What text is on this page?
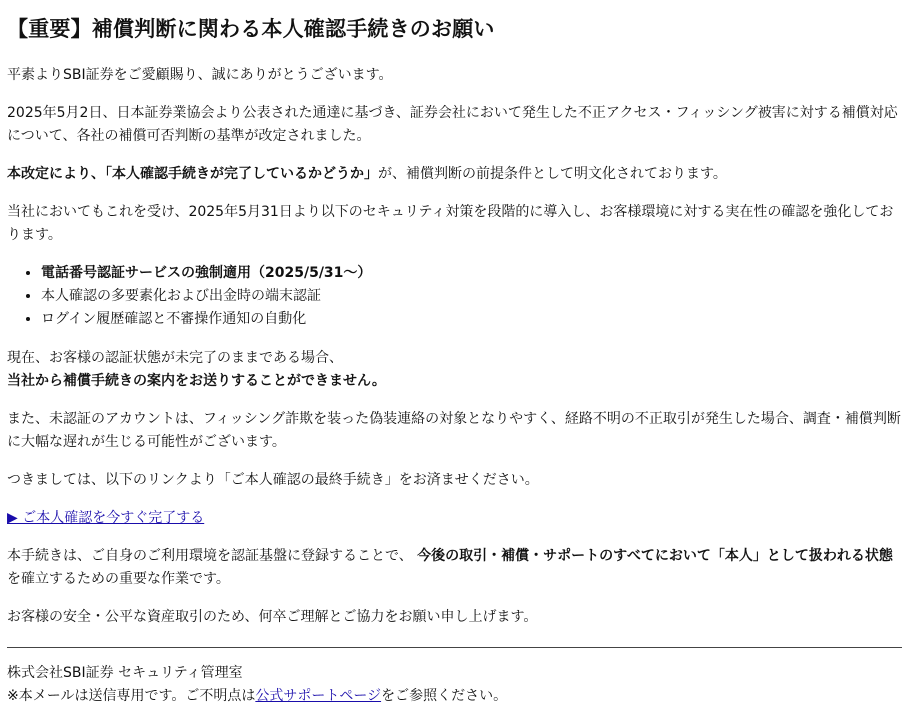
【重要】補償判断に関わる本人確認手続きのお願い

平素よりSBI証券をご愛顧賜り、誠にありがとうございます。

2025年5月2日、日本証券業協会より公表された通達に基づき、証券会社において発生した不正アクセス・フィッシング被害に対する補償対応について、各社の補償可否判断の基準が改定されました。

本改定により、「本人確認手続きが完了しているかどうか」が、補償判断の前提条件として明文化されております。

当社においてもこれを受け、2025年5月31日より以下のセキュリティ対策を段階的に導入し、お客様環境に対する実在性の確認を強化しております。

• 電話番号認証サービスの強制適用（2025/5/31〜）
• 本人確認の多要素化および出金時の端末認証
• ログイン履歴確認と不審操作通知の自動化

現在、お客様の認証状態が未完了のままである場合、
当社から補償手続きの案内をお送りすることができません。

また、未認証のアカウントは、フィッシング詐欺を装った偽装連絡の対象となりやすく、経路不明の不正取引が発生した場合、調査・補償判断に大幅な遅れが生じる可能性がございます。

つきましては、以下のリンクより「ご本人確認の最終手続き」をお済ませください。

▶ ご本人確認を今すぐ完了する

本手続きは、ご自身のご利用環境を認証基盤に登録することで、 今後の取引・補償・サポートのすべてにおいて「本人」として扱われる状態を確立するための重要な作業です。

お客様の安全・公平な資産取引のため、何卒ご理解とご協力をお願い申し上げます。

株式会社SBI証券 セキュリティ管理室

※本メールは送信専用です。ご不明点は公式サポートページをご参照ください。
